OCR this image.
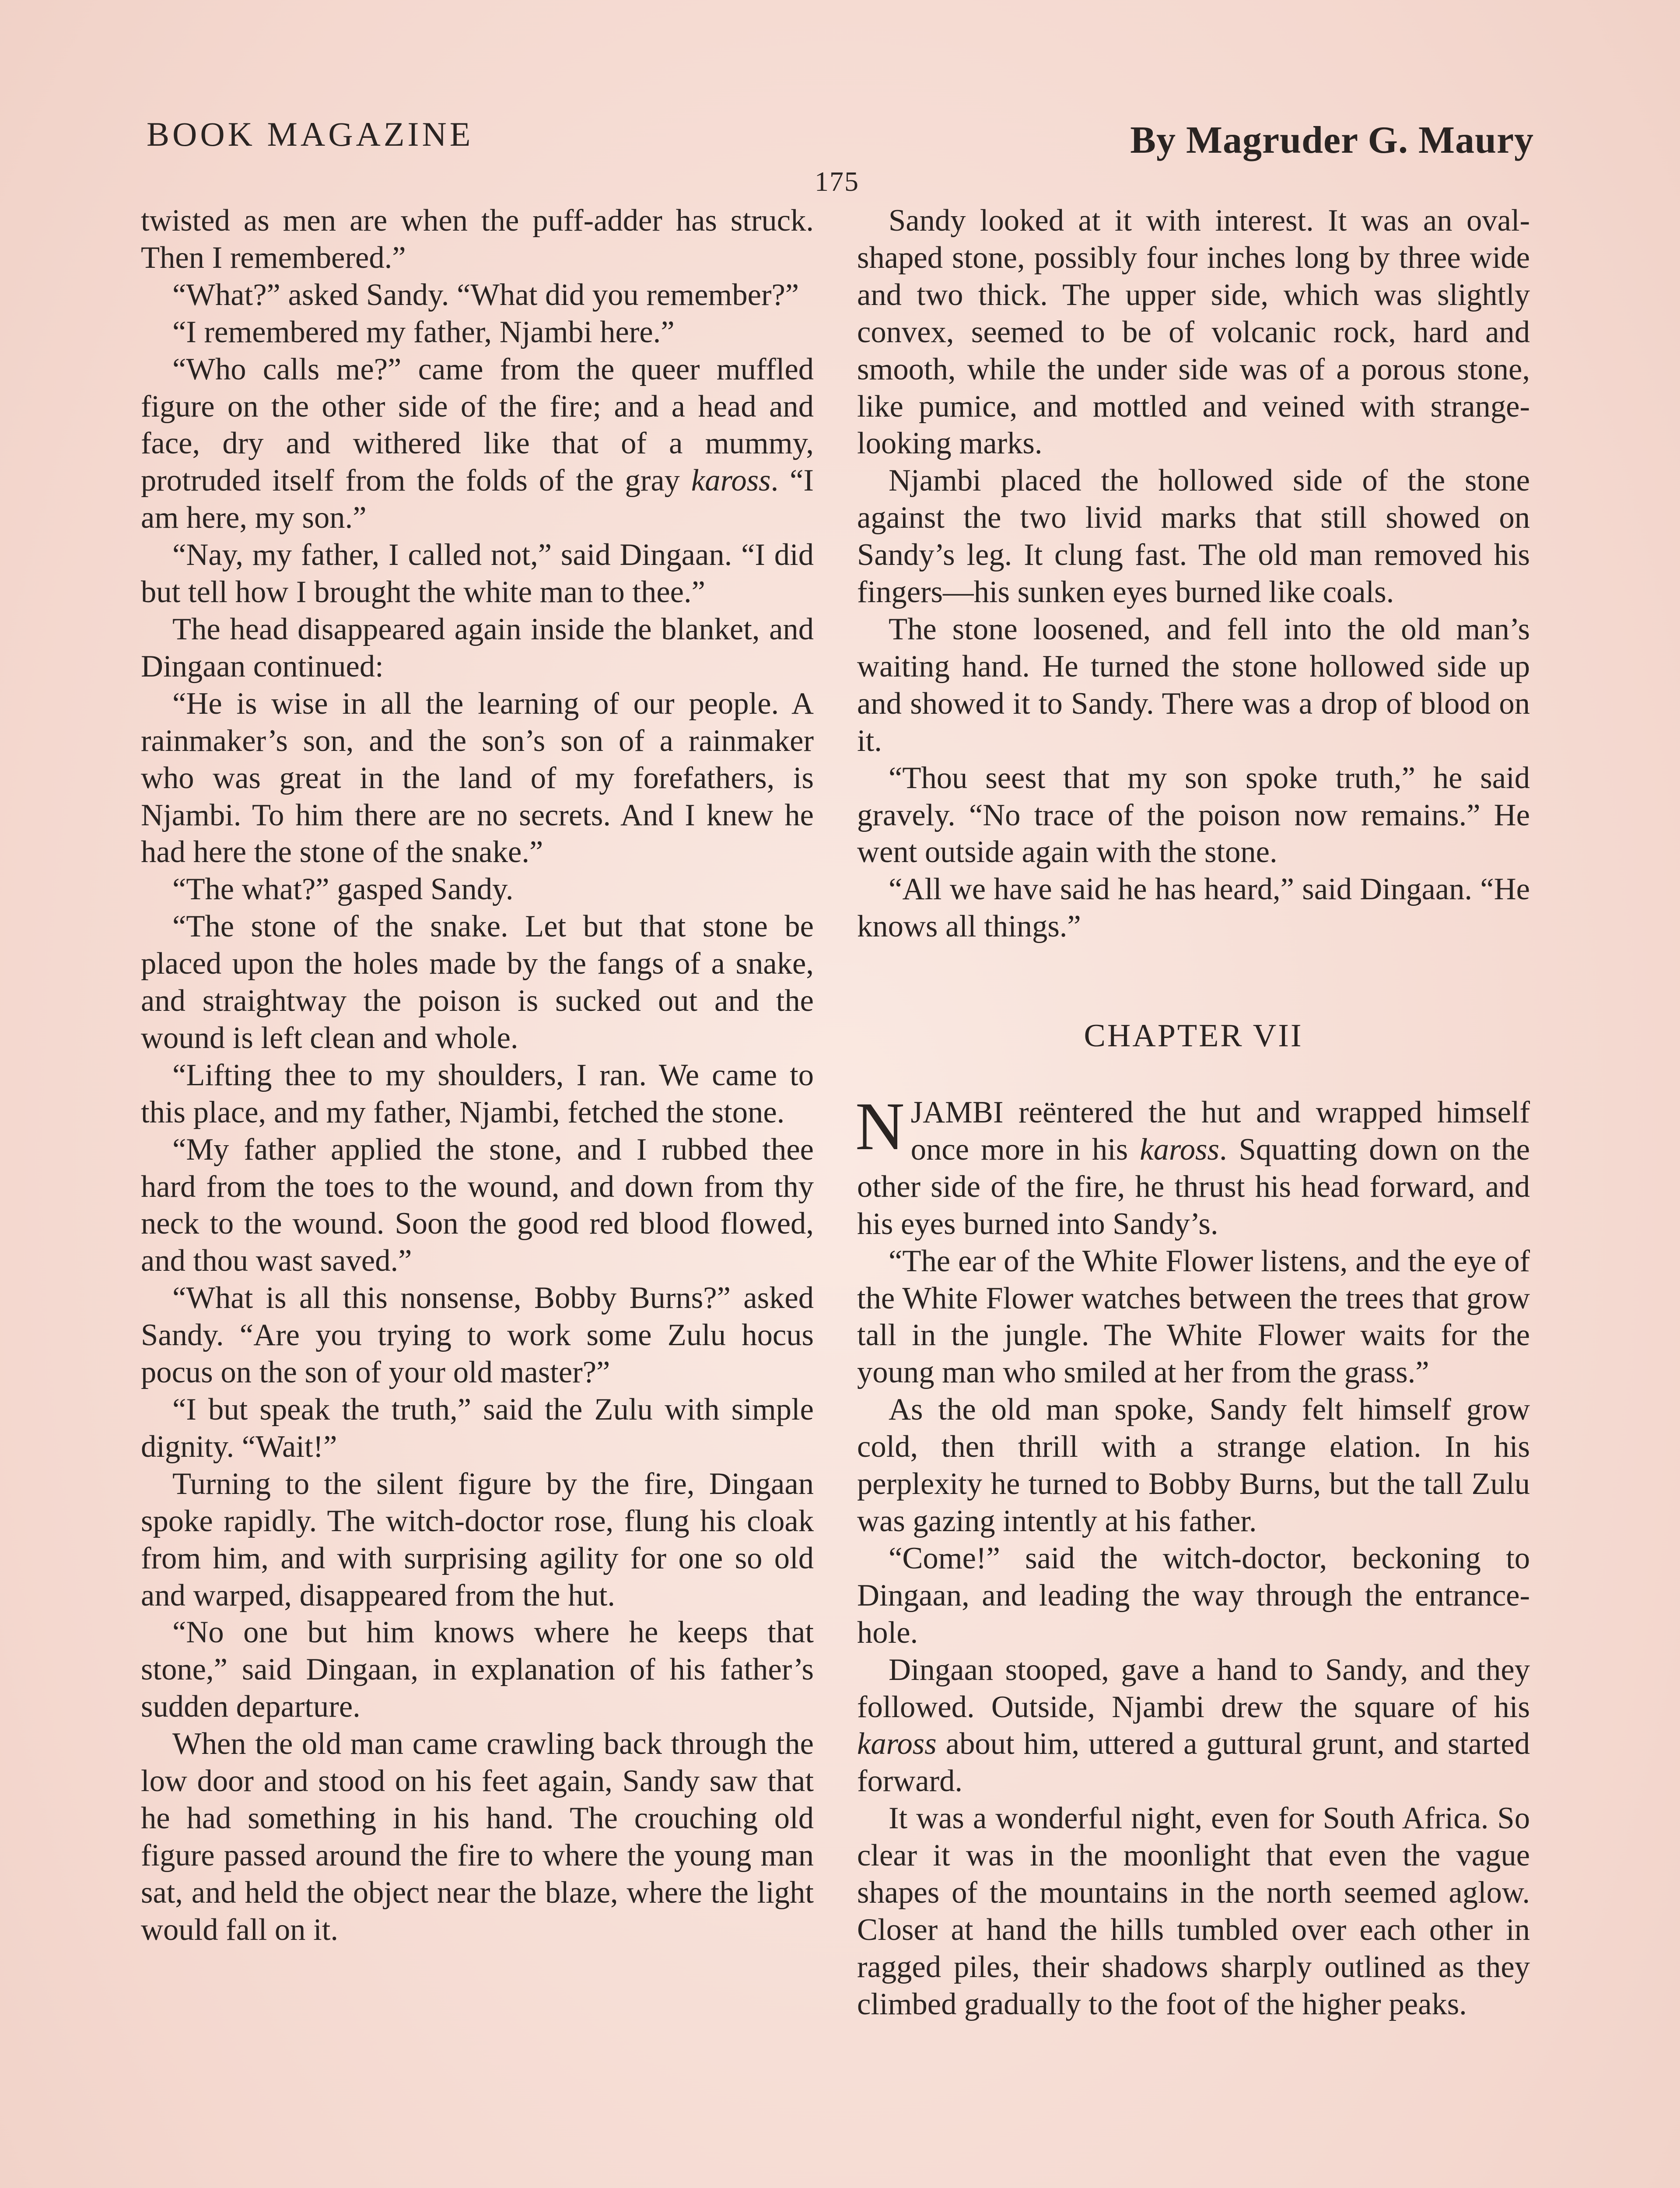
BOOK MAGAZINE	By Magruder G. Maury
175

twisted as men are when the puff-adder has struck. Then I remembered.”

“What?” asked Sandy. “What did you remember?”

“I remembered my father, Njambi here.”

“Who calls me?” came from the queer muffled figure on the other side of the fire; and a head and face, dry and withered like that of a mummy, protruded itself from the folds of the gray kaross. “I am here, my son.”

“Nay, my father, I called not,” said Dingaan. “I did but tell how I brought the white man to thee.”

The head disappeared again inside the blanket, and Dingaan continued:

“He is wise in all the learning of our people. A rainmaker’s son, and the son’s son of a rainmaker who was great in the land of my forefathers, is Njambi. To him there are no secrets. And I knew he had here the stone of the snake.”

“The what?” gasped Sandy.

“The stone of the snake. Let but that stone be placed upon the holes made by the fangs of a snake, and straightway the poison is sucked out and the wound is left clean and whole.

“Lifting thee to my shoulders, I ran. We came to this place, and my father, Njambi, fetched the stone.

“My father applied the stone, and I rubbed thee hard from the toes to the wound, and down from thy neck to the wound. Soon the good red blood flowed, and thou wast saved.”

“What is all this nonsense, Bobby Burns?” asked Sandy. “Are you trying to work some Zulu hocus pocus on the son of your old master?”

“I but speak the truth,” said the Zulu with simple dignity. “Wait!”

Turning to the silent figure by the fire, Dingaan spoke rapidly. The witch-doctor rose, flung his cloak from him, and with surprising agility for one so old and warped, disappeared from the hut.

“No one but him knows where he keeps that stone,” said Dingaan, in explanation of his father’s sudden departure.

When the old man came crawling back through the low door and stood on his feet again, Sandy saw that he had something in his hand. The crouching old figure passed around the fire to where the young man sat, and held the object near the blaze, where the light would fall on it.

Sandy looked at it with interest. It was an oval-shaped stone, possibly four inches long by three wide and two thick. The upper side, which was slightly convex, seemed to be of volcanic rock, hard and smooth, while the under side was of a porous stone, like pumice, and mottled and veined with strange-looking marks.

Njambi placed the hollowed side of the stone against the two livid marks that still showed on Sandy’s leg. It clung fast. The old man removed his fingers—his sunken eyes burned like coals.

The stone loosened, and fell into the old man’s waiting hand. He turned the stone hollowed side up and showed it to Sandy. There was a drop of blood on it.

“Thou seest that my son spoke truth,” he said gravely. “No trace of the poison now remains.” He went outside again with the stone.

“All we have said he has heard,” said Dingaan. “He knows all things.”

CHAPTER VII

NJAMBI reëntered the hut and wrapped himself once more in his kaross. Squatting down on the other side of the fire, he thrust his head forward, and his eyes burned into Sandy’s.

“The ear of the White Flower listens, and the eye of the White Flower watches between the trees that grow tall in the jungle. The White Flower waits for the young man who smiled at her from the grass.”

As the old man spoke, Sandy felt himself grow cold, then thrill with a strange elation. In his perplexity he turned to Bobby Burns, but the tall Zulu was gazing intently at his father.

“Come!” said the witch-doctor, beckoning to Dingaan, and leading the way through the entrance-hole.

Dingaan stooped, gave a hand to Sandy, and they followed. Outside, Njambi drew the square of his kaross about him, uttered a guttural grunt, and started forward.

It was a wonderful night, even for South Africa. So clear it was in the moonlight that even the vague shapes of the mountains in the north seemed aglow. Closer at hand the hills tumbled over each other in ragged piles, their shadows sharply outlined as they climbed gradually to the foot of the higher peaks.
